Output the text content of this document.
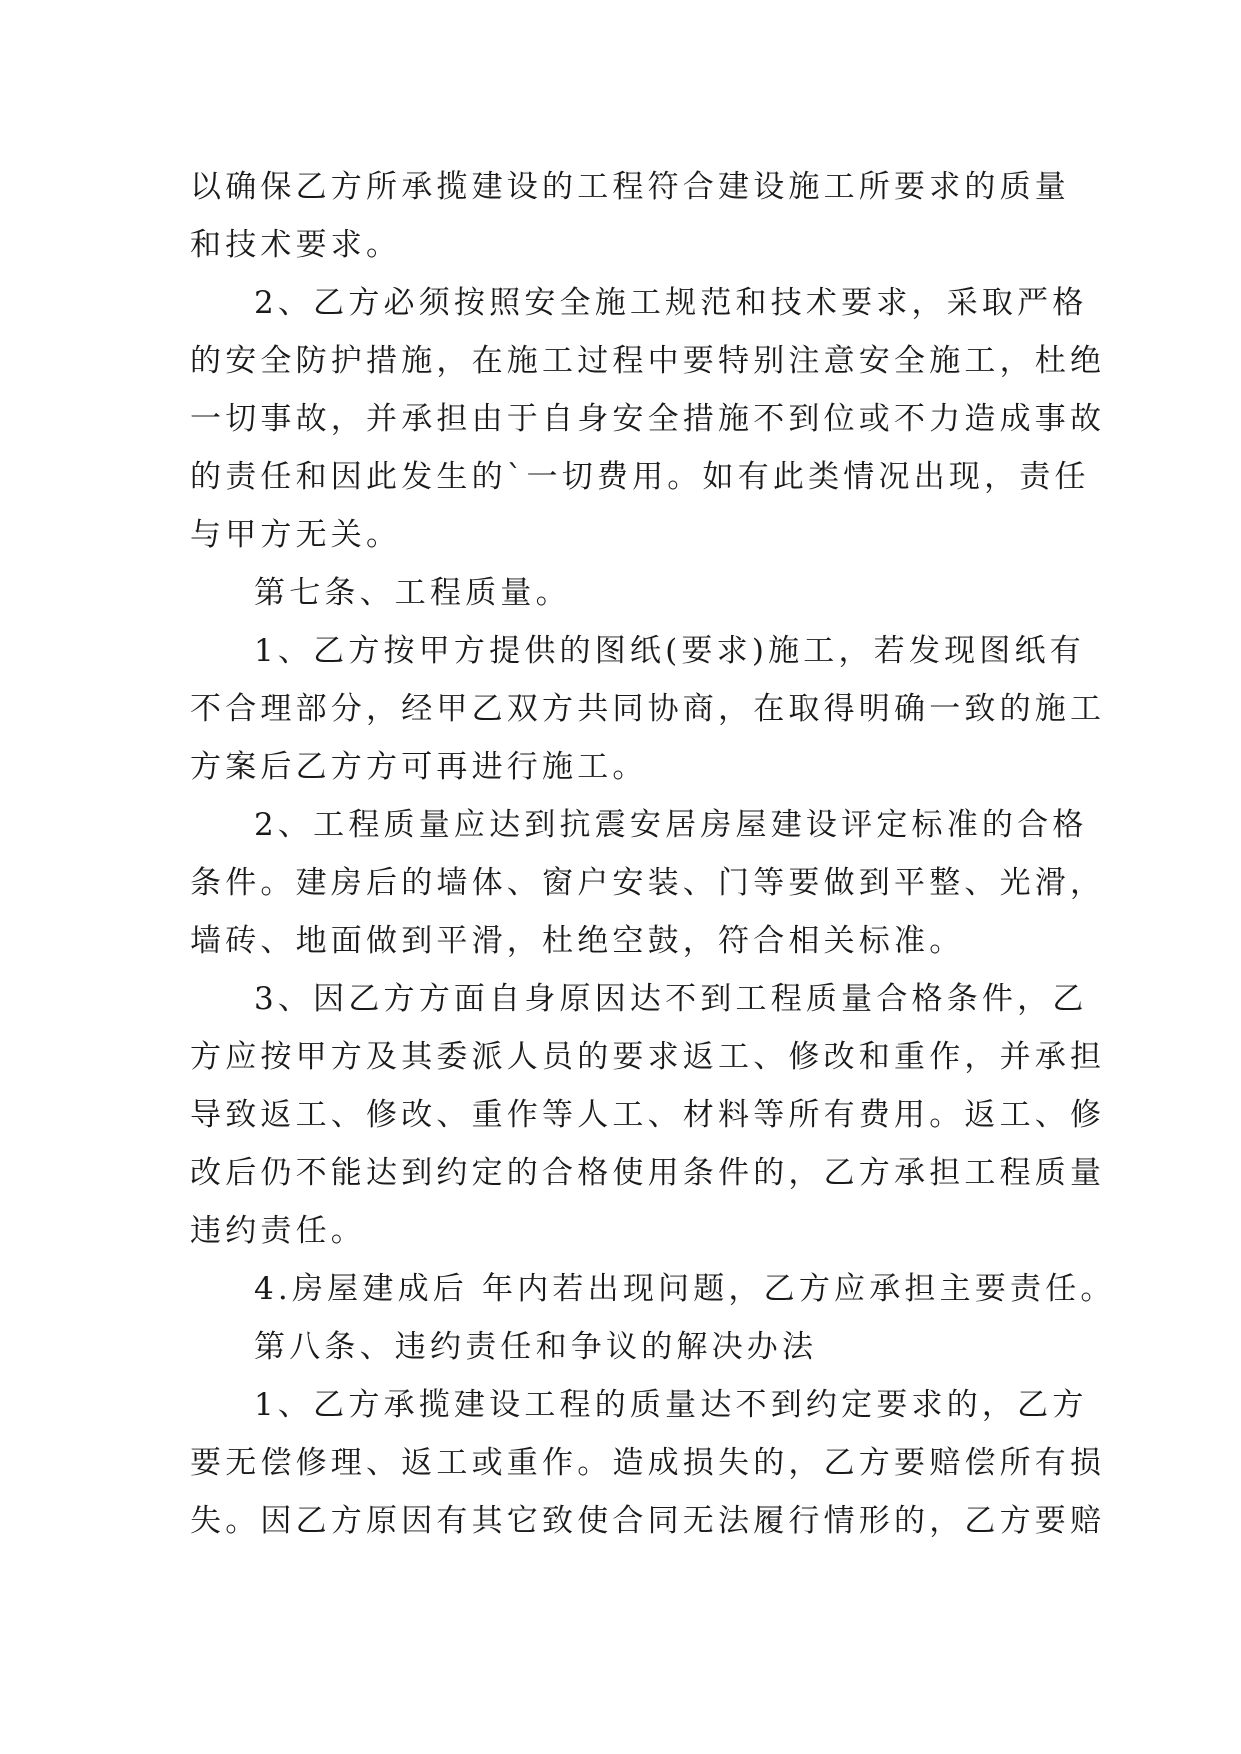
以确保乙方所承揽建设的工程符合建设施工所要求的质量
和技术要求。
2、乙方必须按照安全施工规范和技术要求，采取严格
的安全防护措施，在施工过程中要特别注意安全施工，杜绝
一切事故，并承担由于自身安全措施不到位或不力造成事故
的责任和因此发生的`一切费用。如有此类情况出现，责任
与甲方无关。
第七条、工程质量。
1、乙方按甲方提供的图纸(要求)施工，若发现图纸有
不合理部分，经甲乙双方共同协商，在取得明确一致的施工
方案后乙方方可再进行施工。
2、工程质量应达到抗震安居房屋建设评定标准的合格
条件。建房后的墙体、窗户安装、门等要做到平整、光滑，
墙砖、地面做到平滑，杜绝空鼓，符合相关标准。
3、因乙方方面自身原因达不到工程质量合格条件，乙
方应按甲方及其委派人员的要求返工、修改和重作，并承担
导致返工、修改、重作等人工、材料等所有费用。返工、修
改后仍不能达到约定的合格使用条件的，乙方承担工程质量
违约责任。
4.房屋建成后 年内若出现问题，乙方应承担主要责任。
第八条、违约责任和争议的解决办法
1、乙方承揽建设工程的质量达不到约定要求的，乙方
要无偿修理、返工或重作。造成损失的，乙方要赔偿所有损
失。因乙方原因有其它致使合同无法履行情形的，乙方要赔
